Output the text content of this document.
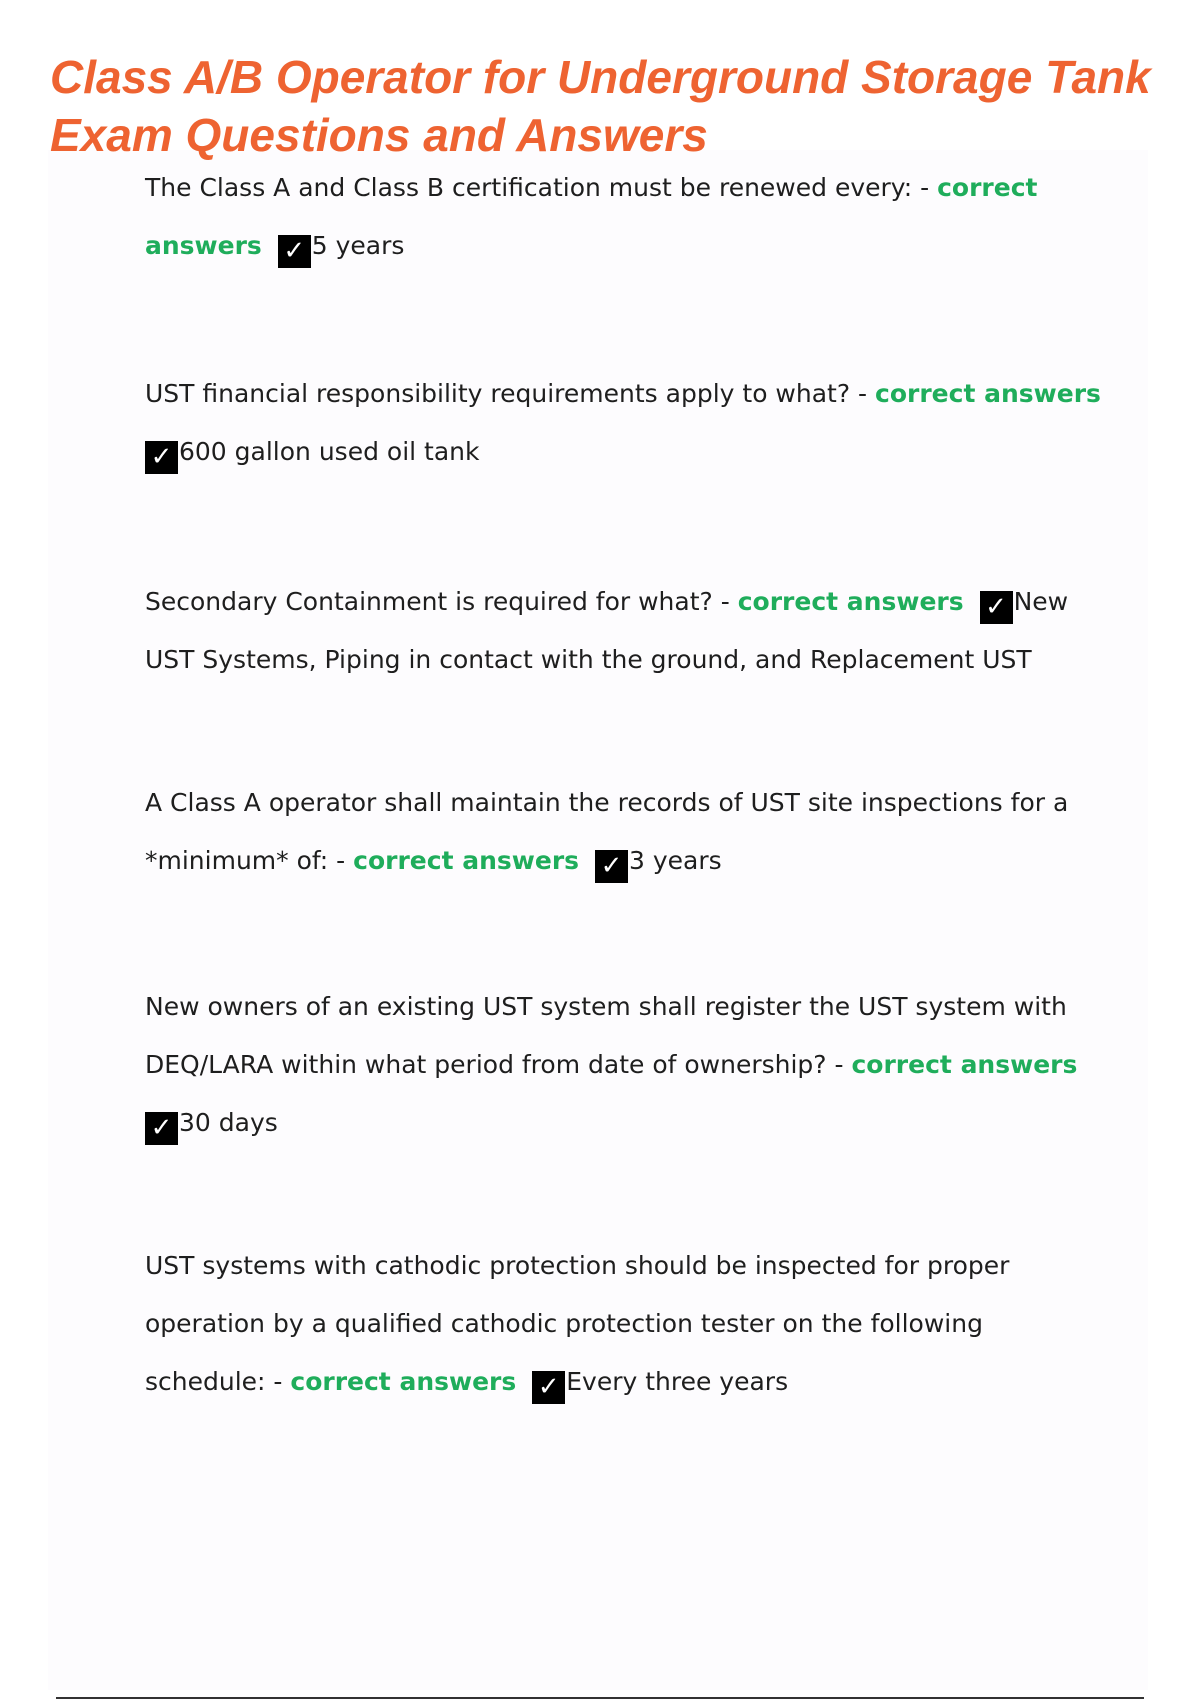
Class A/B Operator for Underground Storage Tank
Exam Questions and Answers

The Class A and Class B certification must be renewed every: - correct answers ✓ 5 years

UST financial responsibility requirements apply to what? - correct answers ✓ 600 gallon used oil tank

Secondary Containment is required for what? - correct answers ✓ New UST Systems, Piping in contact with the ground, and Replacement UST

A Class A operator shall maintain the records of UST site inspections for a *minimum* of: - correct answers ✓ 3 years

New owners of an existing UST system shall register the UST system with DEQ/LARA within what period from date of ownership? - correct answers ✓ 30 days

UST systems with cathodic protection should be inspected for proper operation by a qualified cathodic protection tester on the following schedule: - correct answers ✓ Every three years
